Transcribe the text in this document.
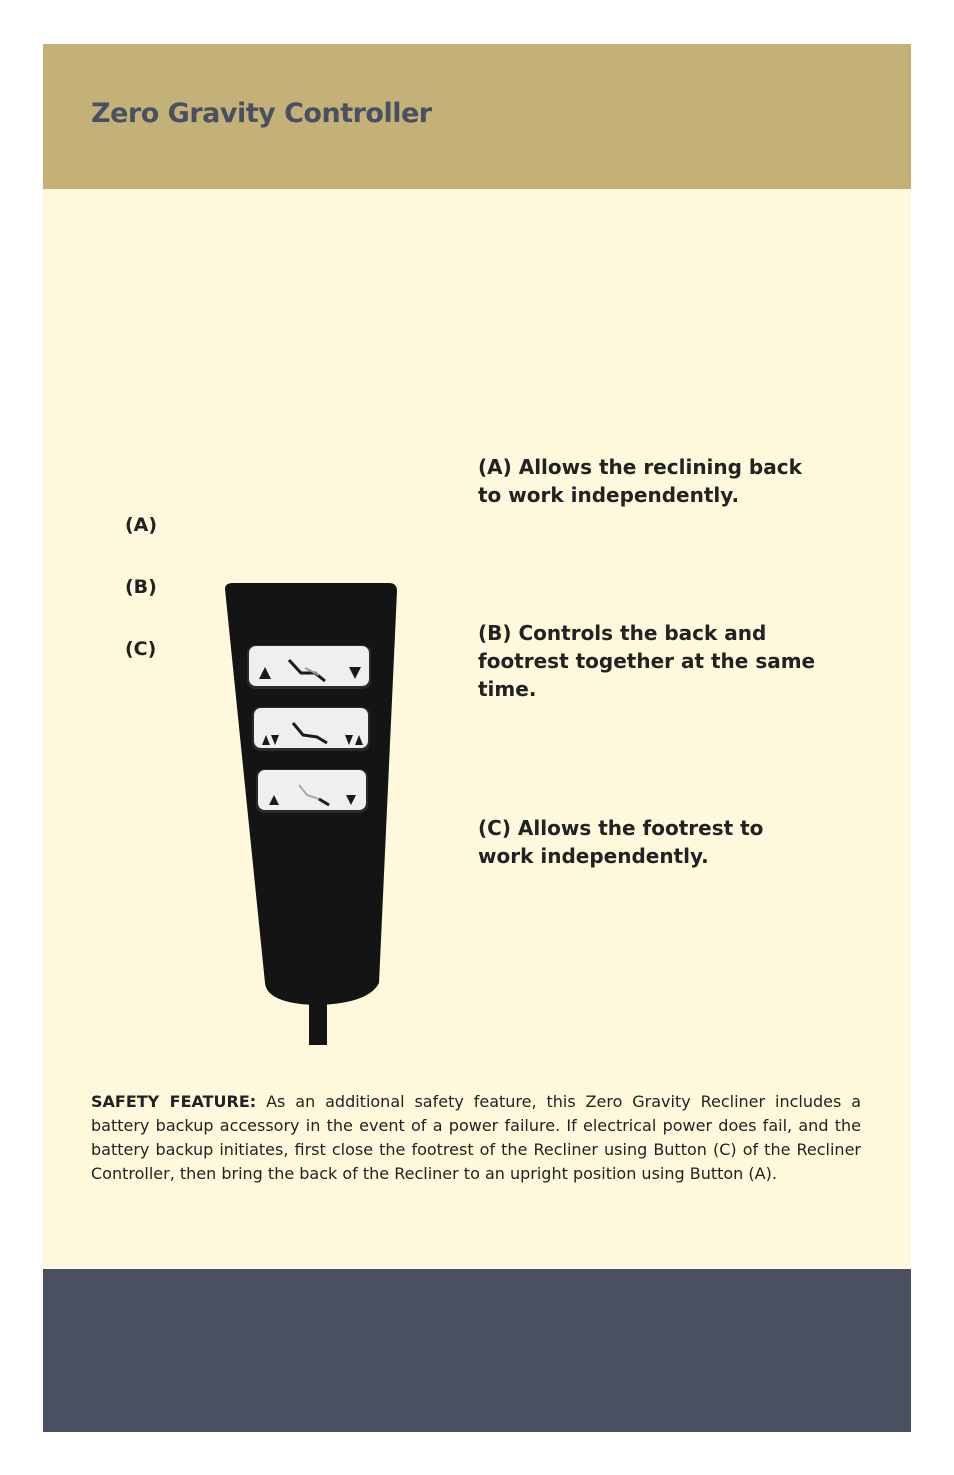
Zero Gravity Controller
(A)
(B)
(C)

(A) Allows the reclining back
to work independently.

(B) Controls the back and
footrest together at the same
time.

(C) Allows the footrest to
work independently.

SAFETY FEATURE: As an additional safety feature, this Zero Gravity Recliner includes a battery backup accessory in the event of a power failure. If electrical power does fail, and the battery backup initiates, first close the footrest of the Recliner using Button (C) of the Recliner Controller, then bring the back of the Recliner to an upright position using Button (A).
